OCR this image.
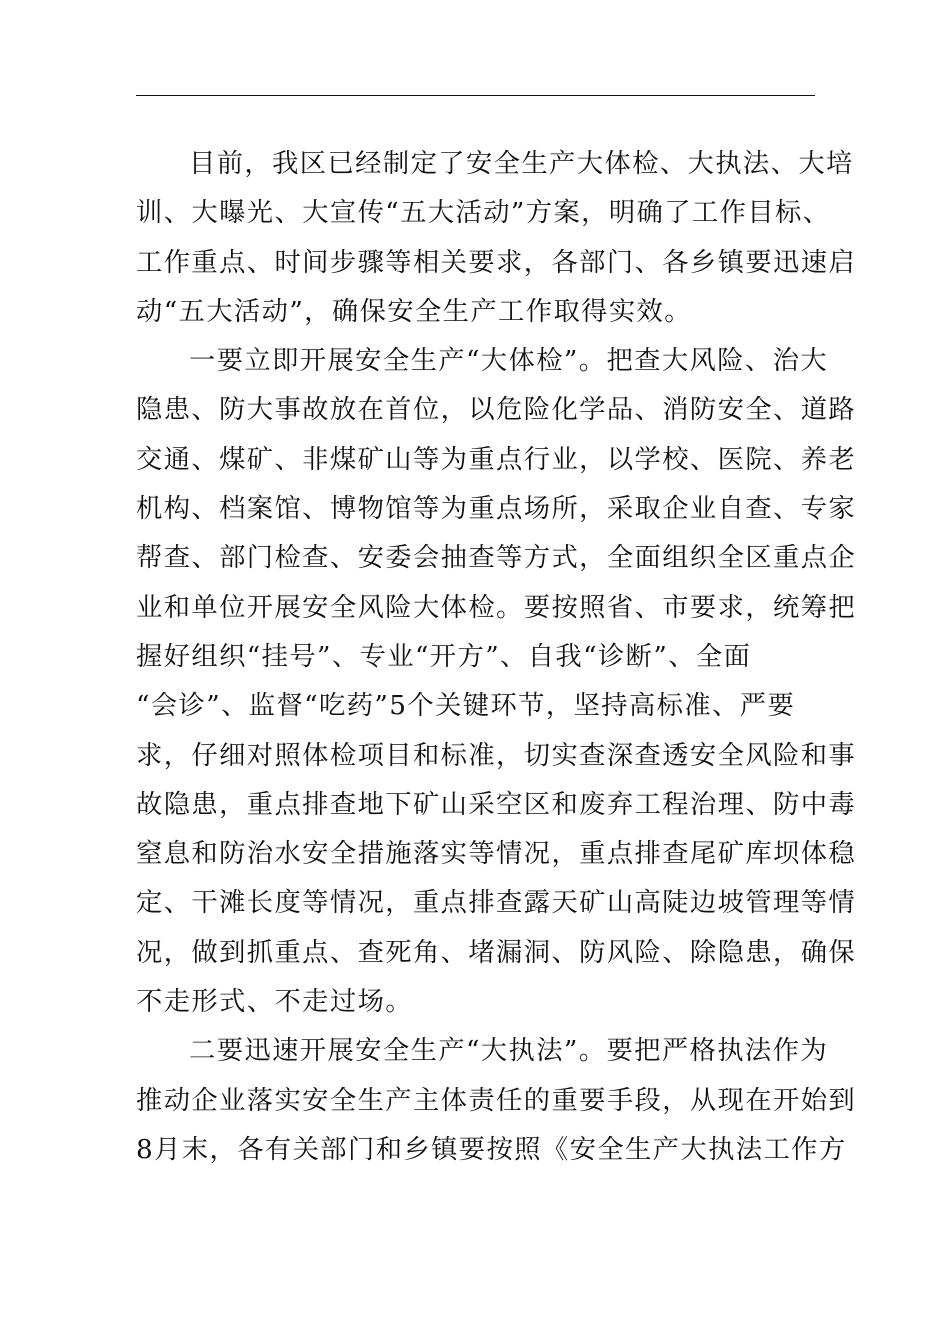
目前，我区已经制定了安全生产大体检、大执法、大培
训、大曝光、大宣传“五大活动”方案，明确了工作目标、
工作重点、时间步骤等相关要求，各部门、各乡镇要迅速启
动“五大活动”，确保安全生产工作取得实效。
一要立即开展安全生产“大体检”。把查大风险、治大
隐患、防大事故放在首位，以危险化学品、消防安全、道路
交通、煤矿、非煤矿山等为重点行业，以学校、医院、养老
机构、档案馆、博物馆等为重点场所，采取企业自查、专家
帮查、部门检查、安委会抽查等方式，全面组织全区重点企
业和单位开展安全风险大体检。要按照省、市要求，统筹把
握好组织“挂号”、专业“开方”、自我“诊断”、全面
“会诊”、监督“吃药”5个关键环节，坚持高标准、严要
求，仔细对照体检项目和标准，切实查深查透安全风险和事
故隐患，重点排查地下矿山采空区和废弃工程治理、防中毒
窒息和防治水安全措施落实等情况，重点排查尾矿库坝体稳
定、干滩长度等情况，重点排查露天矿山高陡边坡管理等情
况，做到抓重点、查死角、堵漏洞、防风险、除隐患，确保
不走形式、不走过场。
二要迅速开展安全生产“大执法”。要把严格执法作为
推动企业落实安全生产主体责任的重要手段，从现在开始到
8月末，各有关部门和乡镇要按照《安全生产大执法工作方
